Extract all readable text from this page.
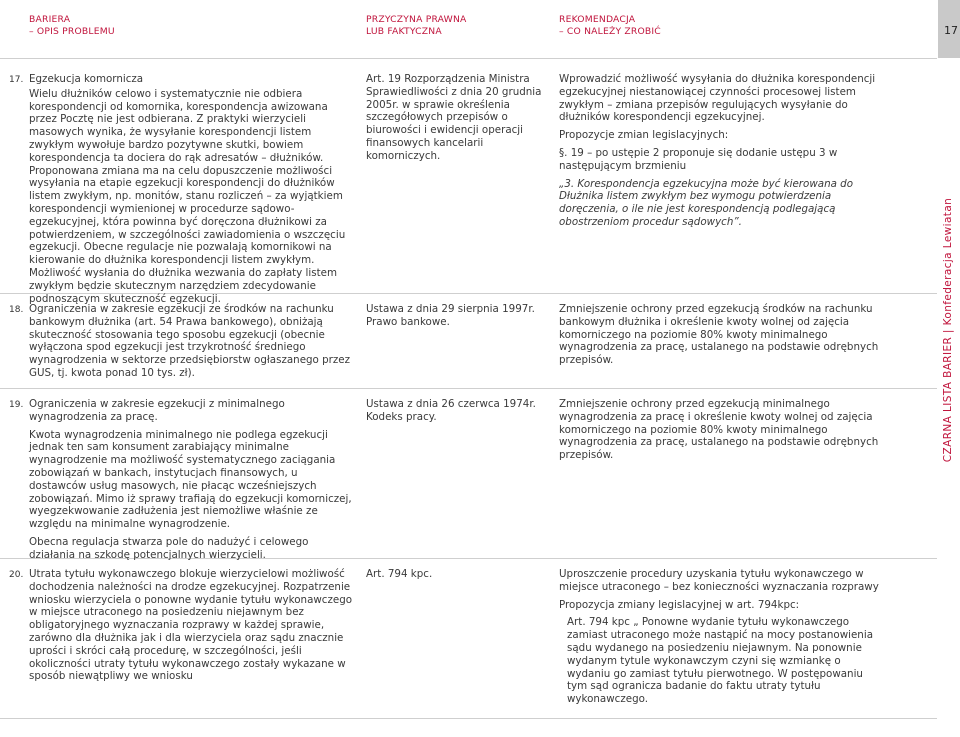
BARIERA
– OPIS PROBLEMU
PRZYCZYNA PRAWNA
LUB FAKTYCZNA
REKOMENDACJA
– CO NALEŻY ZROBIĆ	17
CZARNA LISTA BARIER | Konfederacja Lewiatan
17. Egzekucja komornicza

Wielu dłużników celowo i systematycznie nie odbiera korespondencji od komornika, korespondencja awizowana przez Pocztę nie jest odbierana. Z praktyki wierzycieli masowych wynika, że wysyłanie korespondencji listem zwykłym wywołuje bardzo pozytywne skutki, bowiem korespondencja ta dociera do rąk adresatów – dłużników. Proponowana zmiana ma na celu dopuszczenie możliwości wysyłania na etapie egzekucji korespondencji do dłużników listem zwykłym, np. monitów, stanu rozliczeń – za wyjątkiem korespondencji wymienionej w procedurze sądowo-egzekucyjnej, która powinna być doręczona dłużnikowi za potwierdzeniem, w szczególności zawiadomienia o wszczęciu egzekucji. Obecne regulacje nie pozwalają komornikowi na kierowanie do dłużnika korespondencji listem zwykłym. Możliwość wysłania do dłużnika wezwania do zapłaty listem zwykłym będzie skutecznym narzędziem zdecydowanie podnoszącym skuteczność egzekucji.

Art. 19 Rozporządzenia Ministra Sprawiedliwości z dnia 20 grudnia 2005r. w sprawie określenia szczegółowych przepisów o biurowości i ewidencji operacji finansowych kancelarii komorniczych.

Wprowadzić możliwość wysyłania do dłużnika korespondencji egzekucyjnej niestanowiącej czynności procesowej listem zwykłym – zmiana przepisów regulujących wysyłanie do dłużników korespondencji egzekucyjnej.

Propozycje zmian legislacyjnych:

§. 19 – po ustępie 2 proponuje się dodanie ustępu 3 w następującym brzmieniu

„3. Korespondencja egzekucyjna może być kierowana do Dłużnika listem zwykłym bez wymogu potwierdzenia doręczenia, o ile nie jest korespondencją podlegającą obostrzeniom procedur sądowych”.

18. Ograniczenia w zakresie egzekucji ze środków na rachunku bankowym dłużnika (art. 54 Prawa bankowego), obniżają skuteczność stosowania tego sposobu egzekucji (obecnie wyłączona spod egzekucji jest trzykrotność średniego wynagrodzenia w sektorze przedsiębiorstw ogłaszanego przez GUS, tj. kwota ponad 10 tys. zł).

Ustawa z dnia 29 sierpnia 1997r. Prawo bankowe.

Zmniejszenie ochrony przed egzekucją środków na rachunku bankowym dłużnika i określenie kwoty wolnej od zajęcia komorniczego na poziomie 80% kwoty minimalnego wynagrodzenia za pracę, ustalanego na podstawie odrębnych przepisów.

19. Ograniczenia w zakresie egzekucji z minimalnego wynagrodzenia za pracę.

Kwota wynagrodzenia minimalnego nie podlega egzekucji jednak ten sam konsument zarabiający minimalne wynagrodzenie ma możliwość systematycznego zaciągania zobowiązań w bankach, instytucjach finansowych, u dostawców usług masowych, nie płacąc wcześniejszych zobowiązań. Mimo iż sprawy trafiają do egzekucji komorniczej, wyegzekwowanie zadłużenia jest niemożliwe właśnie ze względu na minimalne wynagrodzenie.

Obecna regulacja stwarza pole do nadużyć i celowego działania na szkodę potencjalnych wierzycieli.

Ustawa z dnia 26 czerwca 1974r. Kodeks pracy.

Zmniejszenie ochrony przed egzekucją minimalnego wynagrodzenia za pracę i określenie kwoty wolnej od zajęcia komorniczego na poziomie 80% kwoty minimalnego wynagrodzenia za pracę, ustalanego na podstawie odrębnych przepisów.

20. Utrata tytułu wykonawczego blokuje wierzycielowi możliwość dochodzenia należności na drodze egzekucyjnej. Rozpatrzenie wniosku wierzyciela o ponowne wydanie tytułu wykonawczego w miejsce utraconego na posiedzeniu niejawnym bez obligatoryjnego wyznaczania rozprawy w każdej sprawie, zarówno dla dłużnika jak i dla wierzyciela oraz sądu znacznie uprości i skróci całą procedurę, w szczególności, jeśli okoliczności utraty tytułu wykonawczego zostały wykazane w sposób niewątpliwy we wniosku

Art. 794 kpc.	Uproszczenie procedury uzyskania tytułu wykonawczego w miejsce utraconego – bez konieczności wyznaczania rozprawy

Propozycja zmiany legislacyjnej w art. 794kpc:

Art. 794 kpc „ Ponowne wydanie tytułu wykonawczego zamiast utraconego może nastąpić na mocy postanowienia sądu wydanego na posiedzeniu niejawnym. Na ponownie wydanym tytule wykonawczym czyni się wzmiankę o wydaniu go zamiast tytułu pierwotnego. W postępowaniu tym sąd ogranicza badanie do faktu utraty tytułu wykonawczego.
